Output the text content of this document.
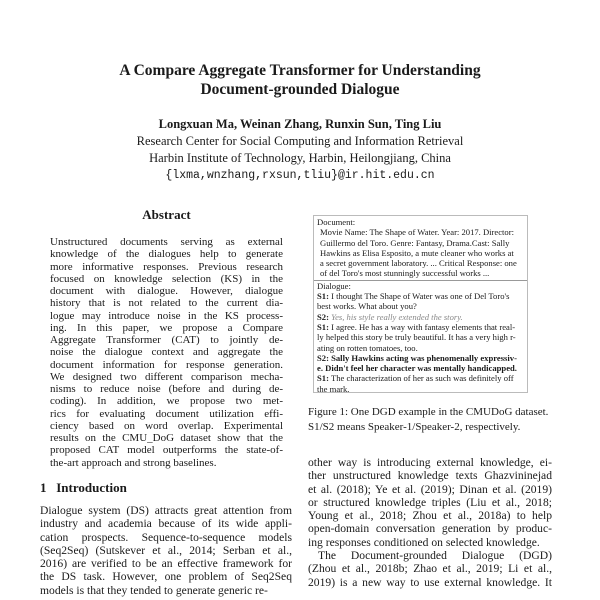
A Compare Aggregate Transformer for Understanding
Document-grounded Dialogue
Longxuan Ma, Weinan Zhang, Runxin Sun, Ting Liu
Research Center for Social Computing and Information Retrieval
Harbin Institute of Technology, Harbin, Heilongjiang, China
{lxma,wnzhang,rxsun,tliu}@ir.hit.edu.cn
Abstract
Unstructured documents serving as external
knowledge of the dialogues help to generate
more informative responses. Previous research
focused on knowledge selection (KS) in the
document with dialogue. However, dialogue
history that is not related to the current dia-
logue may introduce noise in the KS process-
ing. In this paper, we propose a Compare
Aggregate Transformer (CAT) to jointly de-
noise the dialogue context and aggregate the
document information for response generation.
We designed two different comparison mecha-
nisms to reduce noise (before and during de-
coding). In addition, we propose two met-
rics for evaluating document utilization effi-
ciency based on word overlap. Experimental
results on the CMU_DoG dataset show that the
proposed CAT model outperforms the state-of-
the-art approach and strong baselines.
1   Introduction
Dialogue system (DS) attracts great attention from
industry and academia because of its wide appli-
cation prospects. Sequence-to-sequence models
(Seq2Seq) (Sutskever et al., 2014; Serban et al.,
2016) are verified to be an effective framework for
the DS task. However, one problem of Seq2Seq
models is that they tended to generate generic re-
Document:
Movie Name: The Shape of Water. Year: 2017. Director:
Guillermo del Toro. Genre: Fantasy, Drama.Cast: Sally
Hawkins as Elisa Esposito, a mute cleaner who works at
a secret government laboratory. ... Critical Response: one
of del Toro's most stunningly successful works ...
Dialogue:
S1: I thought The Shape of Water was one of Del Toro's
best works. What about you?
S2: Yes, his style really extended the story.
S1: I agree. He has a way with fantasy elements that real-
ly helped this story be truly beautiful. It has a very high r-
ating on rotten tomatoes, too.
S2: Sally Hawkins acting was phenomenally expressiv-
e. Didn't feel her character was mentally handicapped.
S1: The characterization of her as such was definitely off
the mark.
Figure 1: One DGD example in the CMUDoG dataset.
S1/S2 means Speaker-1/Speaker-2, respectively.
other way is introducing external knowledge, ei-
ther unstructured knowledge texts Ghazvininejad
et al. (2018); Ye et al. (2019); Dinan et al. (2019)
or structured knowledge triples (Liu et al., 2018;
Young et al., 2018; Zhou et al., 2018a) to help
open-domain conversation generation by produc-
ing responses conditioned on selected knowledge.
The Document-grounded Dialogue (DGD)
(Zhou et al., 2018b; Zhao et al., 2019; Li et al.,
2019) is a new way to use external knowledge. It
